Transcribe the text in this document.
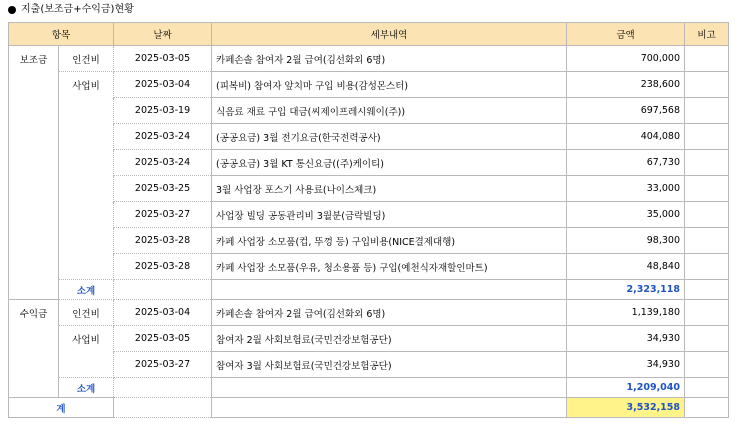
지출(보조금+수익금)현황
항목		날짜	세부내역	금액	비고
보조금	인건비	2025-03-05	카페손솔 참여자 2월 급여(김선화외 6명)	700,000	
	사업비	2025-03-04	(피복비) 참여자 앞치마 구입 비용(감성몬스터)	238,600	
		2025-03-19	식음료 재료 구입 대금(씨제이프레시웨이(주))	697,568	
		2025-03-24	(공공요금) 3월 전기요금(한국전력공사)	404,080	
		2025-03-24	(공공요금) 3월 KT 통신요금((주)케이티)	67,730	
		2025-03-25	3월 사업장 포스기 사용료(나이스체크)	33,000	
		2025-03-27	사업장 빌딩 공동관리비 3월분(금락빌딩)	35,000	
		2025-03-28	카페 사업장 소모품(컵, 뚜껑 등) 구입비용(NICE결제대행)	98,300	
		2025-03-28	카페 사업장 소모품(우유, 청소용품 등) 구입(예천식자재할인마트)	48,840	
	소계			2,323,118	
수익금	인건비	2025-03-04	카페손솔 참여자 2월 급여(김선화외 6명)	1,139,180	
	사업비	2025-03-05	참여자 2월 사회보험료(국민건강보험공단)	34,930	
		2025-03-27	참여자 3월 사회보험료(국민건강보험공단)	34,930	
	소계			1,209,040	
계				3,532,158	
